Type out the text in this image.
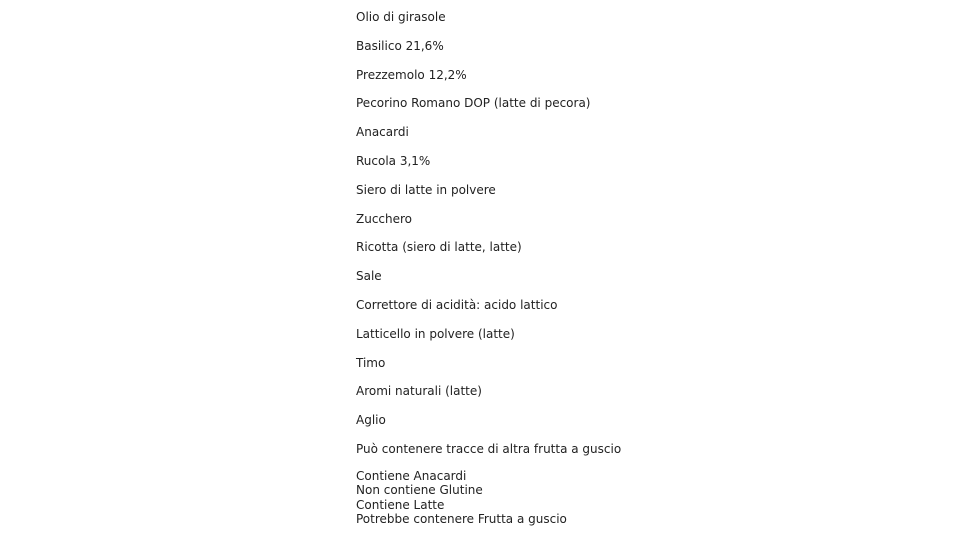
Olio di girasole
Basilico 21,6%
Prezzemolo 12,2%
Pecorino Romano DOP (latte di pecora)
Anacardi
Rucola 3,1%
Siero di latte in polvere
Zucchero
Ricotta (siero di latte, latte)
Sale
Correttore di acidità: acido lattico
Latticello in polvere (latte)
Timo
Aromi naturali (latte)
Aglio
Può contenere tracce di altra frutta a guscio
Contiene Anacardi
Non contiene Glutine
Contiene Latte
Potrebbe contenere Frutta a guscio
